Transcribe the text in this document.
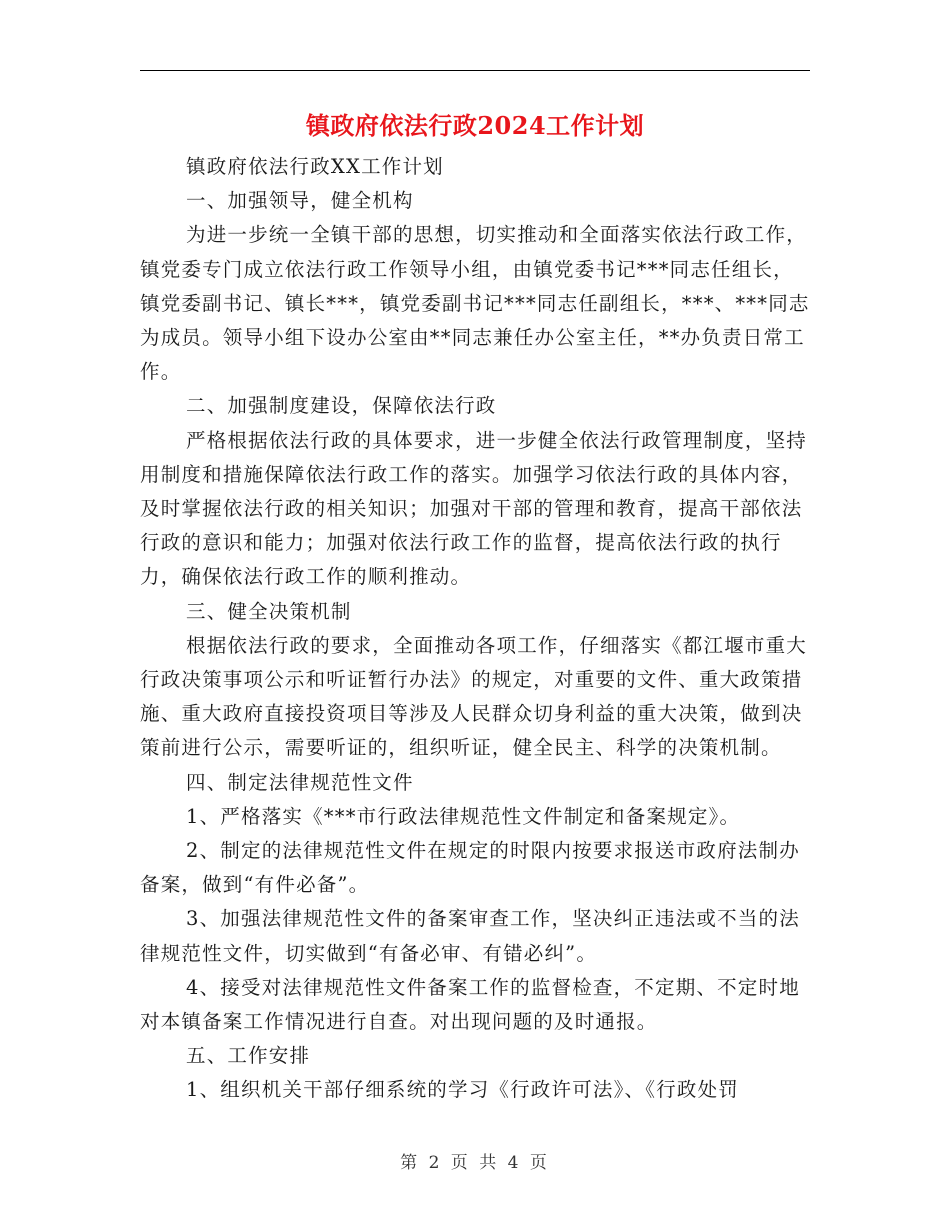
镇政府依法行政2024工作计划

镇政府依法行政XX工作计划

一、加强领导，健全机构

为进一步统一全镇干部的思想，切实推动和全面落实依法行政工作，镇党委专门成立依法行政工作领导小组，由镇党委书记***同志任组长，镇党委副书记、镇长***，镇党委副书记***同志任副组长，***、***同志为成员。领导小组下设办公室由**同志兼任办公室主任，**办负责日常工作。

二、加强制度建设，保障依法行政

严格根据依法行政的具体要求，进一步健全依法行政管理制度，坚持用制度和措施保障依法行政工作的落实。加强学习依法行政的具体内容，及时掌握依法行政的相关知识；加强对干部的管理和教育，提高干部依法行政的意识和能力；加强对依法行政工作的监督，提高依法行政的执行力，确保依法行政工作的顺利推动。

三、健全决策机制

根据依法行政的要求，全面推动各项工作，仔细落实《都江堰市重大行政决策事项公示和听证暂行办法》的规定，对重要的文件、重大政策措施、重大政府直接投资项目等涉及人民群众切身利益的重大决策，做到决策前进行公示，需要听证的，组织听证，健全民主、科学的决策机制。

四、制定法律规范性文件

1、严格落实《***市行政法律规范性文件制定和备案规定》。

2、制定的法律规范性文件在规定的时限内按要求报送市政府法制办备案，做到“有件必备”。

3、加强法律规范性文件的备案审查工作，坚决纠正违法或不当的法律规范性文件，切实做到“有备必审、有错必纠”。

4、接受对法律规范性文件备案工作的监督检查，不定期、不定时地对本镇备案工作情况进行自查。对出现问题的及时通报。

五、工作安排

1、组织机关干部仔细系统的学习《行政许可法》、《行政处罚

第 2 页 共 4 页
